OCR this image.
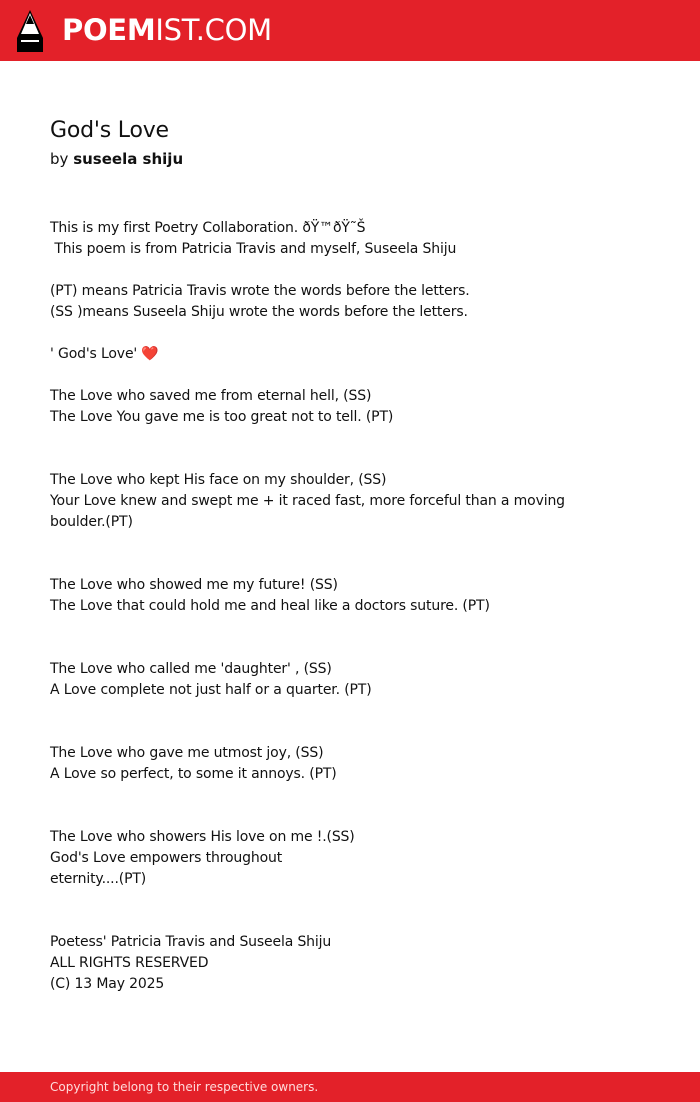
POEMIST.COM
God's Love
by suseela shiju
This is my first Poetry Collaboration. ðŸ™ðŸ˜Š
This poem is from Patricia Travis and myself, Suseela Shiju
(PT) means Patricia Travis wrote the words before the letters.
(SS )means Suseela Shiju wrote the words before the letters.
' God's Love' ❤️
The Love who saved me from eternal hell, (SS)
The Love You gave me is too great not to tell. (PT)
The Love who kept His face on my shoulder, (SS)
Your Love knew and swept me + it raced fast, more forceful than a moving boulder.(PT)
The Love who showed me my future! (SS)
The Love that could hold me and heal like a doctors suture. (PT)
The Love who called me 'daughter' , (SS)
A Love complete not just half or a quarter. (PT)
The Love who gave me utmost joy, (SS)
A Love so perfect, to some it annoys. (PT)
The Love who showers His love on me !.(SS)
God's Love empowers throughout
eternity....(PT)
Poetess' Patricia Travis and Suseela Shiju
ALL RIGHTS RESERVED
(C) 13 May 2025
Copyright belong to their respective owners.
